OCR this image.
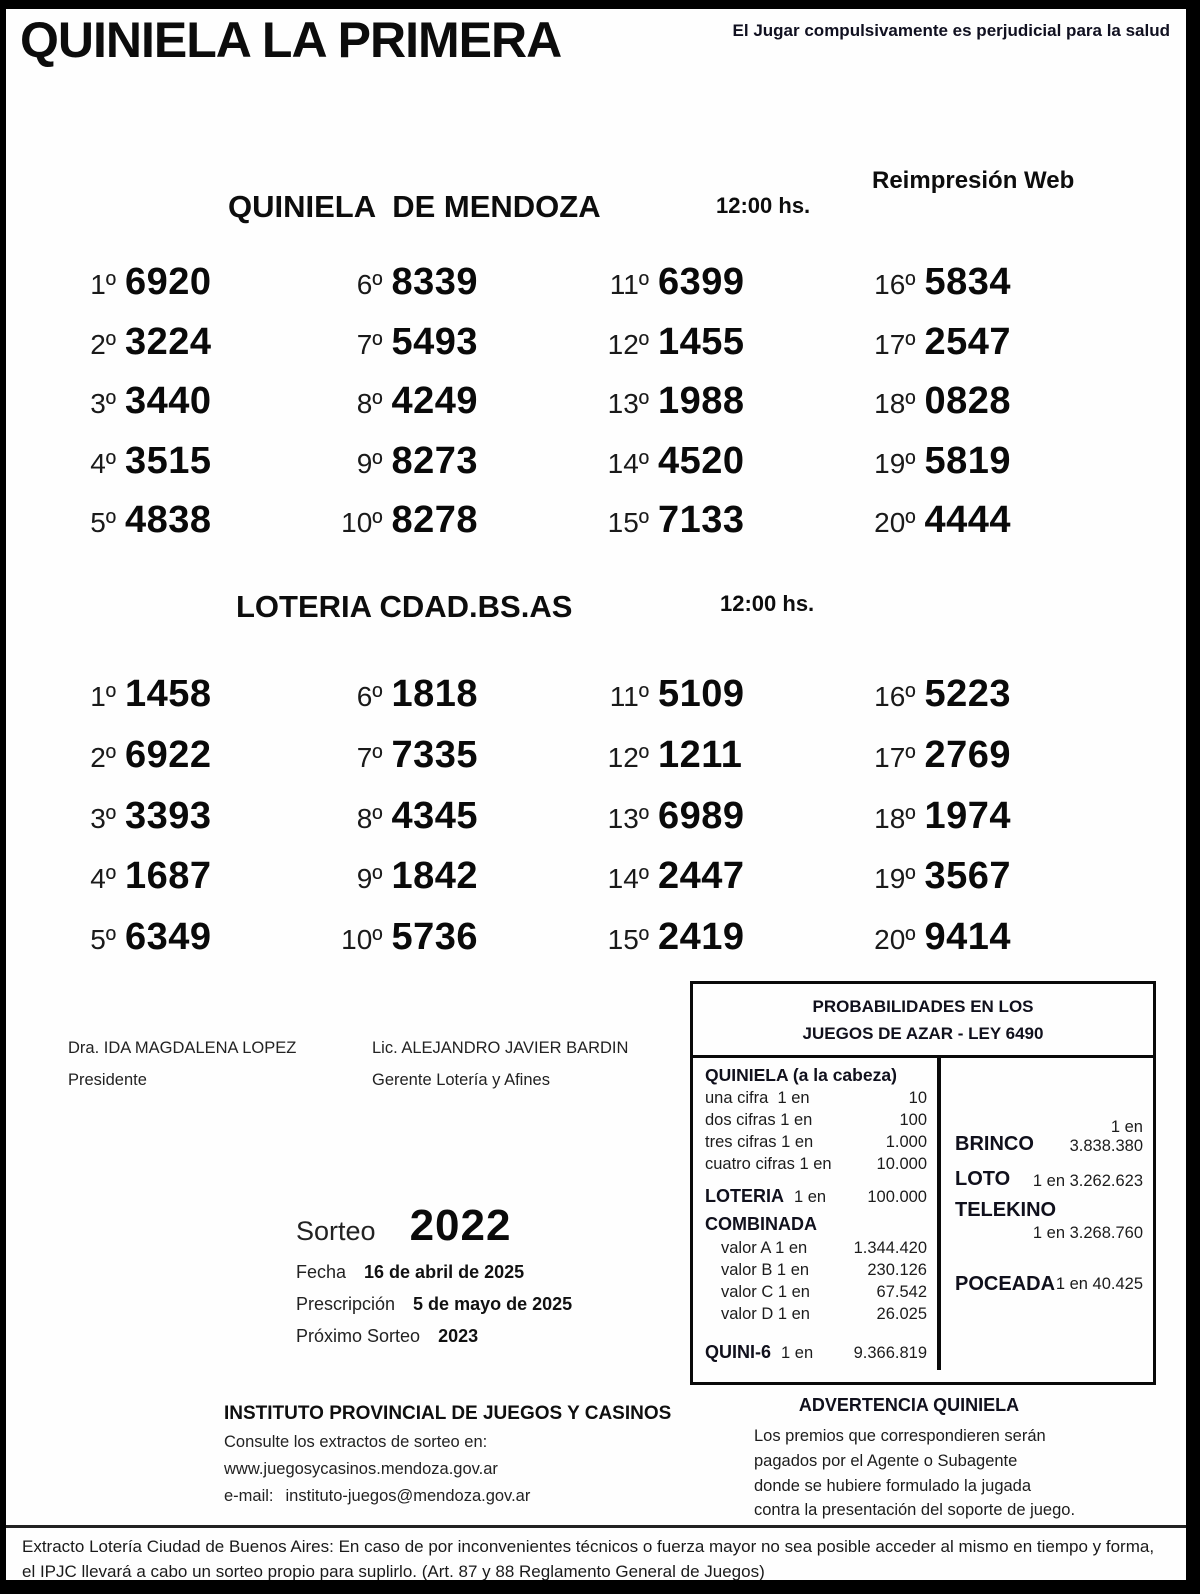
QUINIELA LA PRIMERA	El Jugar compulsivamente es perjudicial para la salud
QUINIELA  DE MENDOZA	12:00 hs.
Reimpresión Web
1º 6920
2º 3224
3º 3440
4º 3515
5º 4838
6º 8339
7º 5493
8º 4249
9º 8273
10º 8278
11º 6399
12º 1455
13º 1988
14º 4520
15º 7133
16º 5834
17º 2547
18º 0828
19º 5819
20º 4444
LOTERIA CDAD.BS.AS	12:00 hs.
1º 1458
2º 6922
3º 3393
4º 1687
5º 6349
6º 1818
7º 7335
8º 4345
9º 1842
10º 5736
11º 5109
12º 1211
13º 6989
14º 2447
15º 2419
16º 5223
17º 2769
18º 1974
19º 3567
20º 9414
Dra. IDA MAGDALENA LOPEZ
Presidente
Lic. ALEJANDRO JAVIER BARDIN
Gerente Lotería y Afines
PROBABILIDADES EN LOS
JUEGOS DE AZAR - LEY 6490
QUINIELA (a la cabeza)
una cifra  1 en	10
dos cifras 1 en	100
tres cifras 1 en	1.000
cuatro cifras 1 en	10.000
LOTERIA 1 en	100.000
COMBINADA
valor A 1 en	1.344.420
valor B 1 en	230.126
valor C 1 en	67.542
valor D 1 en	26.025
QUINI-6 1 en	9.366.819
BRINCO
1 en 3.838.380
LOTO	1 en 3.262.623
TELEKINO
1 en 3.268.760
POCEADA 1 en 40.425
Sorteo 2022
Fecha 16 de abril de 2025
Prescripción 5 de mayo de 2025
Próximo Sorteo 2023
INSTITUTO PROVINCIAL DE JUEGOS Y CASINOS
Consulte los extractos de sorteo en:
www.juegosycasinos.mendoza.gov.ar
e-mail: instituto-juegos@mendoza.gov.ar
ADVERTENCIA QUINIELA
Los premios que correspondieren serán
pagados por el Agente o Subagente
donde se hubiere formulado la jugada
contra la presentación del soporte de juego.
Extracto Lotería Ciudad de Buenos Aires: En caso de por inconvenientes técnicos o fuerza mayor no sea posible acceder al mismo en tiempo y forma, el IPJC llevará a cabo un sorteo propio para suplirlo. (Art. 87 y 88 Reglamento General de Juegos)
